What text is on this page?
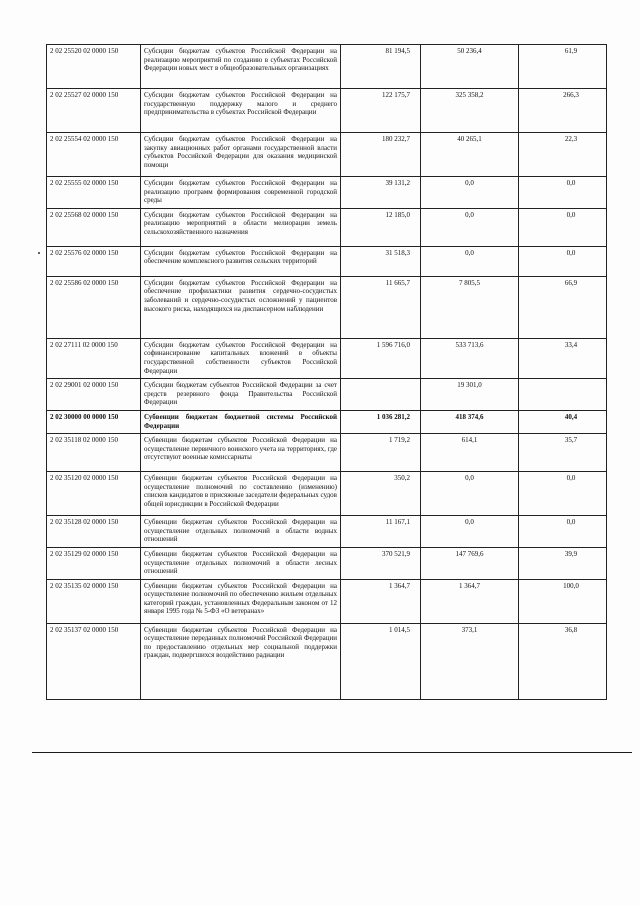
2 02 25520 02 0000 150	Субсидии бюджетам субъектов Российской Федерации на реализацию мероприятий по созданию в субъектах Российской Федерации новых мест в общеобразовательных организациях	81 194,5	50 236,4	61,9
2 02 25527 02 0000 150	Субсидии бюджетам субъектов Российской Федерации на государственную поддержку малого и среднего предпринимательства в субъектах Российской Федерации	122 175,7	325 358,2	266,3
2 02 25554 02 0000 150	Субсидии бюджетам субъектов Российской Федерации на закупку авиационных работ органами государственной власти субъектов Российской Федерации для оказания медицинской помощи	180 232,7	40 265,1	22,3
2 02 25555 02 0000 150	Субсидии бюджетам субъектов Российской Федерации на реализацию программ формирования современной городской среды	39 131,2	0,0	0,0
2 02 25568 02 0000 150	Субсидии бюджетам субъектов Российской Федерации на реализацию мероприятий в области мелиорации земель сельскохозяйственного назначения	12 185,0	0,0	0,0
2 02 25576 02 0000 150	Субсидии бюджетам субъектов Российской Федерации на обеспечение комплексного развития сельских территорий	31 518,3	0,0	0,0
2 02 25586 02 0000 150	Субсидии бюджетам субъектов Российской Федерации на обеспечение профилактики развития сердечно-сосудистых заболеваний и сердечно-сосудистых осложнений у пациентов высокого риска, находящихся на диспансерном наблюдении	11 665,7	7 805,5	66,9
2 02 27111 02 0000 150	Субсидии бюджетам субъектов Российской Федерации на софинансирование капитальных вложений в объекты государственной собственности субъектов Российской Федерации	1 596 716,0	533 713,6	33,4
2 02 29001 02 0000 150	Субсидии бюджетам субъектов Российской Федерации за счет средств резервного фонда Правительства Российской Федерации		19 301,0	
2 02 30000 00 0000 150	Субвенции бюджетам бюджетной системы Российской Федерации	1 036 281,2	418 374,6	40,4
2 02 35118 02 0000 150	Субвенции бюджетам субъектов Российской Федерации на осуществление первичного воинского учета на территориях, где отсутствуют военные комиссариаты	1 719,2	614,1	35,7
2 02 35120 02 0000 150	Субвенции бюджетам субъектов Российской Федерации на осуществление полномочий по составлению (изменению) списков кандидатов в присяжные заседатели федеральных судов общей юрисдикции в Российской Федерации	350,2	0,0	0,0
2 02 35128 02 0000 150	Субвенции бюджетам субъектов Российской Федерации на осуществление отдельных полномочий в области водных отношений	11 167,1	0,0	0,0
2 02 35129 02 0000 150	Субвенции бюджетам субъектов Российской Федерации на осуществление отдельных полномочий в области лесных отношений	370 521,9	147 769,6	39,9
2 02 35135 02 0000 150	Субвенции бюджетам субъектов Российской Федерации на осуществление полномочий по обеспечению жильем отдельных категорий граждан, установленных Федеральным законом от 12 января 1995 года № 5-ФЗ «О ветеранах»	1 364,7	1 364,7	100,0
2 02 35137 02 0000 150	Субвенции бюджетам субъектов Российской Федерации на осуществление переданных полномочий Российской Федерации по предоставлению отдельных мер социальной поддержки граждан, подвергшихся воздействию радиации	1 014,5	373,1	36,8
